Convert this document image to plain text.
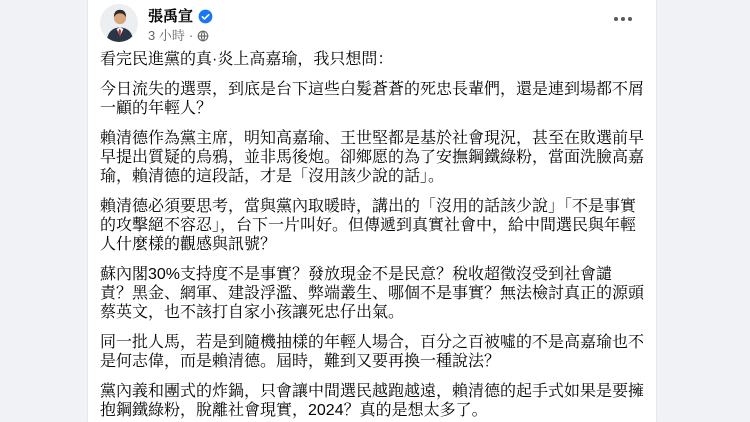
張禹宣
3 小時 ·

看完民進黨的真·炎上高嘉瑜，我只想問：

今日流失的選票，到底是台下這些白髮蒼蒼的死忠長輩們，還是連到場都不屑一顧的年輕人？

賴清德作為黨主席，明知高嘉瑜、王世堅都是基於社會現況，甚至在敗選前早早提出質疑的烏鴉，並非馬後炮。卻鄉愿的為了安撫鋼鐵綠粉，當面洗臉高嘉瑜，賴清德的這段話，才是「沒用該少說的話」。

賴清德必須要思考，當與黨內取暖時，講出的「沒用的話該少說」「不是事實的攻擊絕不容忍」，台下一片叫好。但傳遞到真實社會中，給中間選民與年輕人什麼樣的觀感與訊號？

蘇內閣30%支持度不是事實？發放現金不是民意？稅收超徵沒受到社會譴責？黑金、網軍、建設浮濫、弊端叢生、哪個不是事實？無法檢討真正的源頭蔡英文，也不該打自家小孩讓死忠仔出氣。

同一批人馬，若是到隨機抽樣的年輕人場合，百分之百被噓的不是高嘉瑜也不是何志偉，而是賴清德。屆時，難到又要再換一種說法？

黨內義和團式的炸鍋，只會讓中間選民越跑越遠，賴清德的起手式如果是要擁抱鋼鐵綠粉，脫離社會現實，2024？真的是想太多了。
